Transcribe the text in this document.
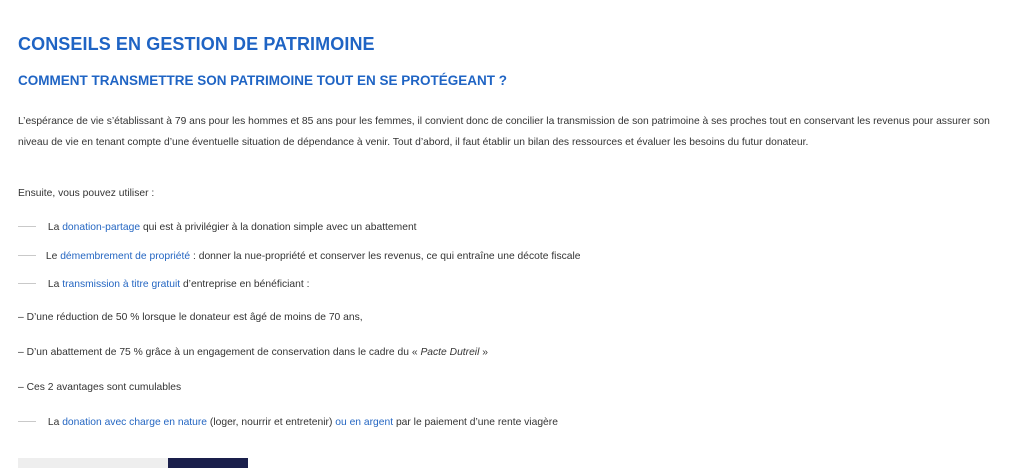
CONSEILS EN GESTION DE PATRIMOINE
COMMENT TRANSMETTRE SON PATRIMOINE TOUT EN SE PROTÉGEANT ?

L’espérance de vie s’établissant à 79 ans pour les hommes et 85 ans pour les femmes, il convient donc de concilier la transmission de son patrimoine à ses proches tout en conservant les revenus pour assurer son niveau de vie en tenant compte d’une éventuelle situation de dépendance à venir. Tout d’abord, il faut établir un bilan des ressources et évaluer les besoins du futur donateur.

Ensuite, vous pouvez utiliser :
La donation-partage qui est à privilégier à la donation simple avec un abattement
Le démembrement de propriété : donner la nue-propriété et conserver les revenus, ce qui entraîne une décote fiscale
La transmission à titre gratuit d’entreprise en bénéficiant :
– D’une réduction de 50 % lorsque le donateur est âgé de moins de 70 ans,
– D’un abattement de 75 % grâce à un engagement de conservation dans le cadre du « Pacte Dutreil »
– Ces 2 avantages sont cumulables
La donation avec charge en nature (loger, nourrir et entretenir) ou en argent par le paiement d’une rente viagère
